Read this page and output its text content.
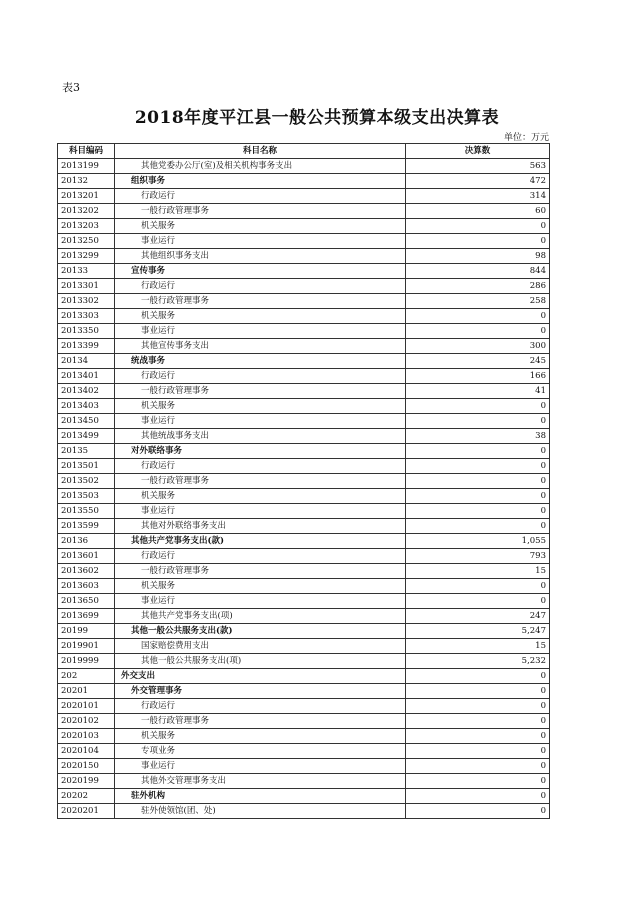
表3
2018年度平江县一般公共预算本级支出决算表
单位：万元
科目编码	科目名称	决算数
2013199	其他党委办公厅(室)及相关机构事务支出	563
20132	组织事务	472
2013201	行政运行	314
2013202	一般行政管理事务	60
2013203	机关服务	0
2013250	事业运行	0
2013299	其他组织事务支出	98
20133	宣传事务	844
2013301	行政运行	286
2013302	一般行政管理事务	258
2013303	机关服务	0
2013350	事业运行	0
2013399	其他宣传事务支出	300
20134	统战事务	245
2013401	行政运行	166
2013402	一般行政管理事务	41
2013403	机关服务	0
2013450	事业运行	0
2013499	其他统战事务支出	38
20135	对外联络事务	0
2013501	行政运行	0
2013502	一般行政管理事务	0
2013503	机关服务	0
2013550	事业运行	0
2013599	其他对外联络事务支出	0
20136	其他共产党事务支出(款)	1,055
2013601	行政运行	793
2013602	一般行政管理事务	15
2013603	机关服务	0
2013650	事业运行	0
2013699	其他共产党事务支出(项)	247
20199	其他一般公共服务支出(款)	5,247
2019901	国家赔偿费用支出	15
2019999	其他一般公共服务支出(项)	5,232
202	外交支出	0
20201	外交管理事务	0
2020101	行政运行	0
2020102	一般行政管理事务	0
2020103	机关服务	0
2020104	专项业务	0
2020150	事业运行	0
2020199	其他外交管理事务支出	0
20202	驻外机构	0
2020201	驻外使领馆(团、处)	0
